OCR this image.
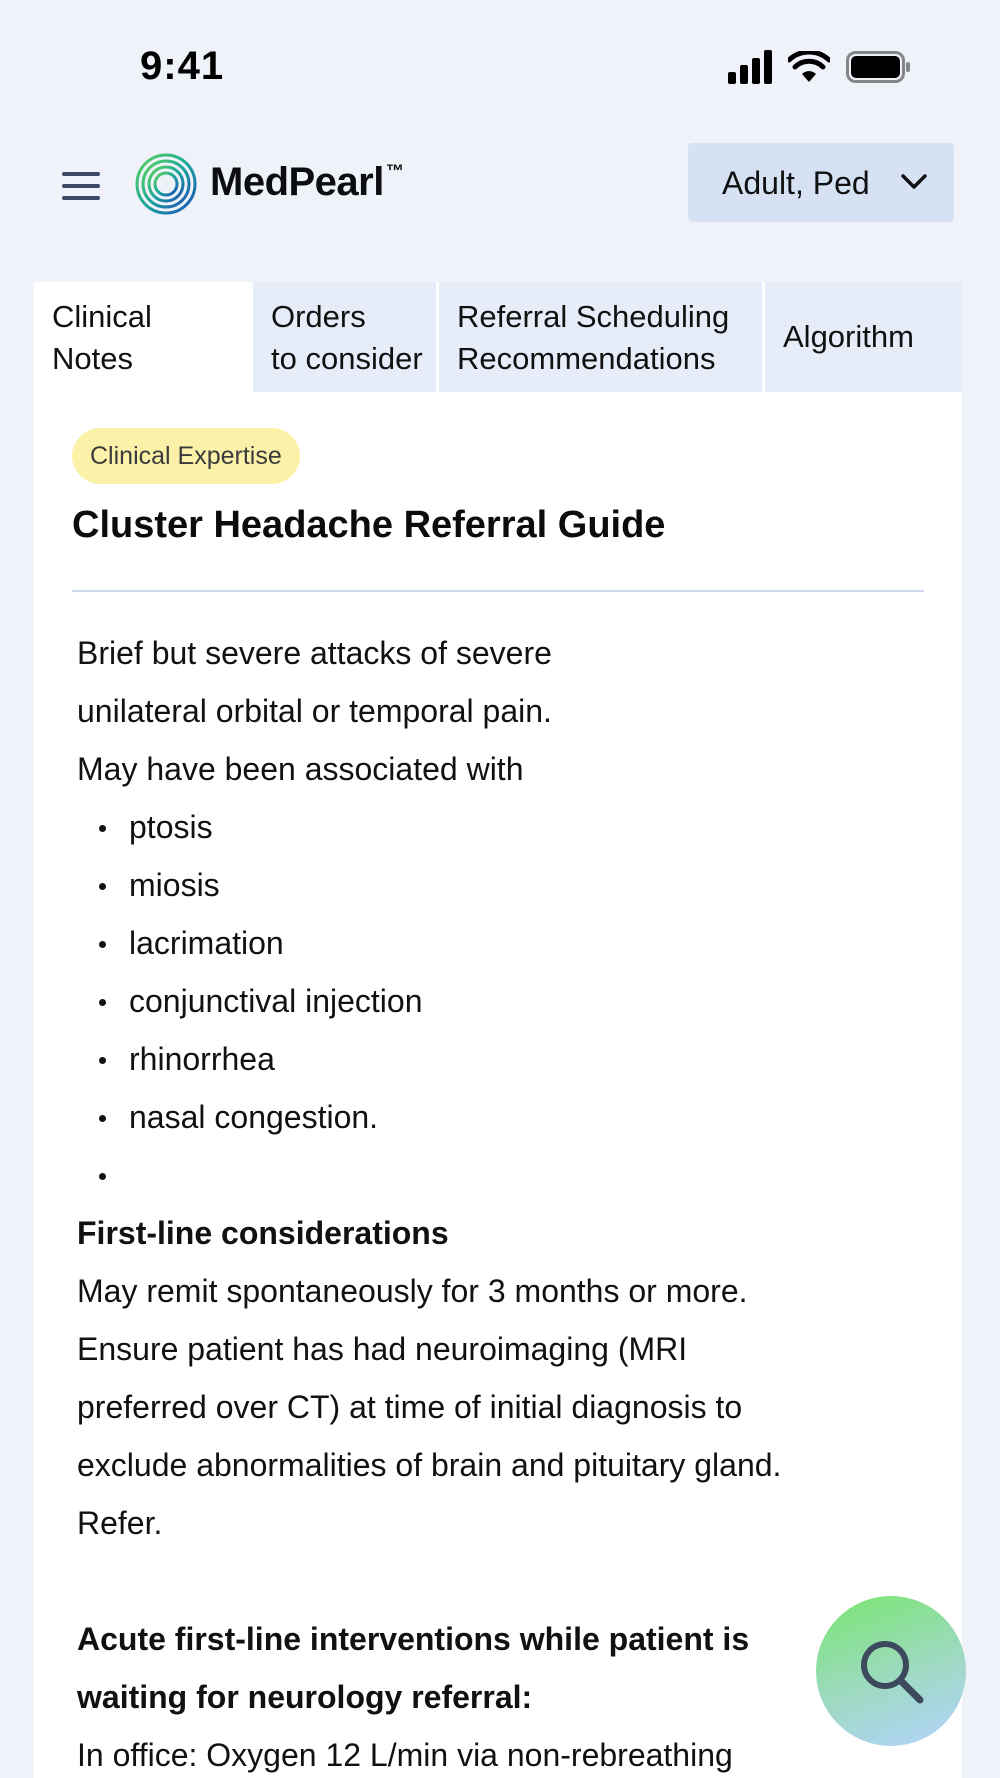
9:41
MedPearl ™	Adult, Ped
Clinical
Notes
Orders
to consider
Referral Scheduling
Recommendations
Algorithm
Clinical Expertise
Cluster Headache Referral Guide

Brief but severe attacks of severe

unilateral orbital or temporal pain.

May have been associated with

ptosis
miosis
lacrimation
conjunctival injection
rhinorrhea
nasal congestion.

First-line considerations

May remit spontaneously for 3 months or more.

Ensure patient has had neuroimaging (MRI

preferred over CT) at time of initial diagnosis to

exclude abnormalities of brain and pituitary gland.

Refer.

Acute first-line interventions while patient is

waiting for neurology referral:

In office: Oxygen 12 L/min via non-rebreathing
